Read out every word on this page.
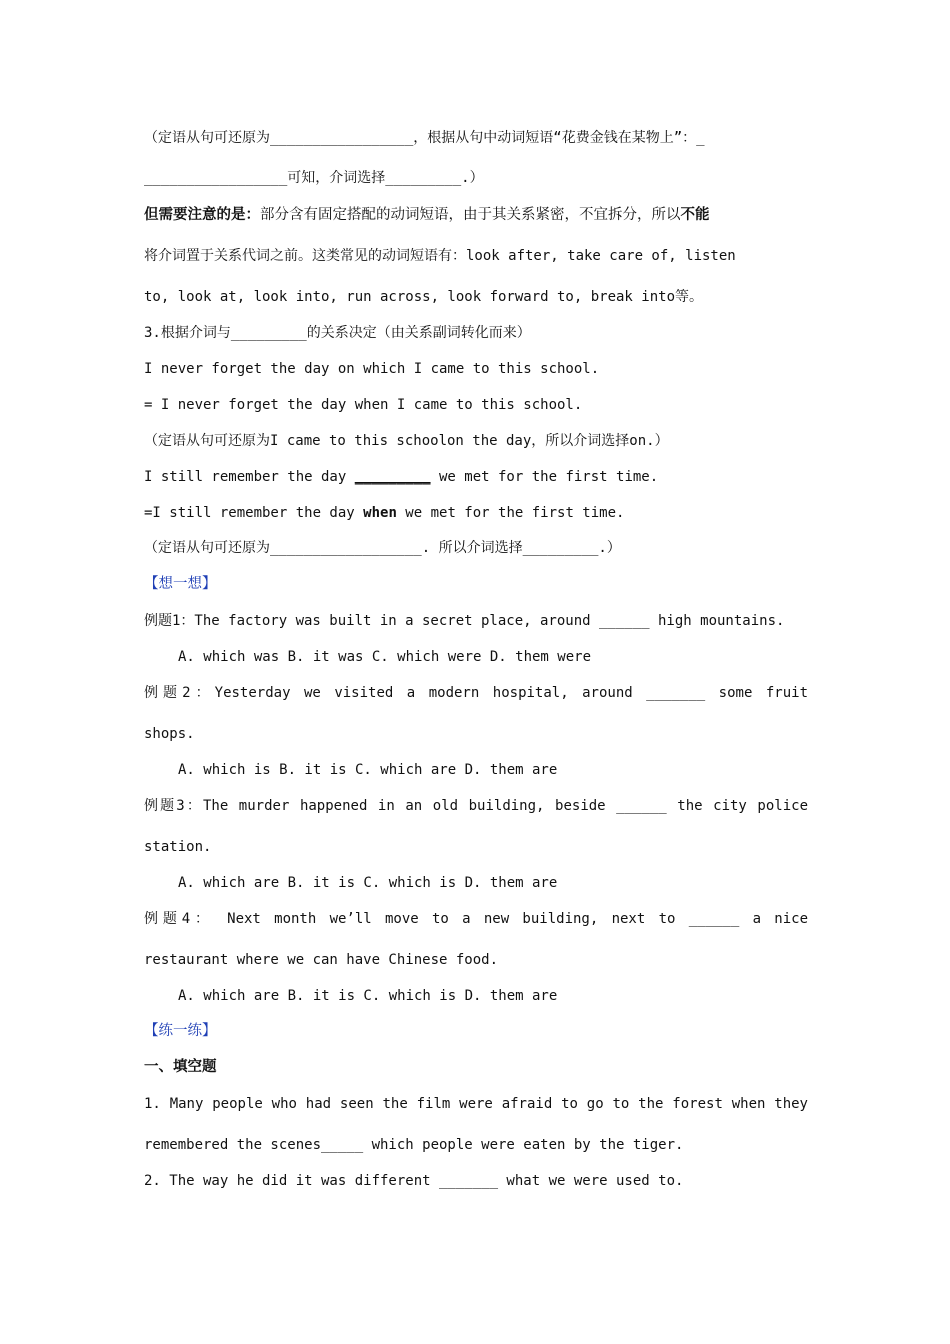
（定语从句可还原为_________________，根据从句中动词短语“花费金钱在某物上”：_
_________________可知，介词选择_________.）
但需要注意的是：部分含有固定搭配的动词短语，由于其关系紧密，不宜拆分，所以不能
将介词置于关系代词之前。这类常见的动词短语有：look after, take care of, listen
to, look at, look into, run across, look forward to, break into等。
3.根据介词与_________的关系决定（由关系副词转化而来）
I never forget the day on which I came to this school.
= I never forget the day when I came to this school.
（定语从句可还原为I came to this schoolon the day，所以介词选择on.）
I still remember the day _________ we met for the first time.
=I still remember the day when we met for the first time.
（定语从句可还原为__________________. 所以介词选择_________.）
【想一想】
例题1：The factory was built in a secret place, around ______ high mountains.
A. which was B. it was C. which were D. them were
例题2：Yesterday we visited a modern hospital, around _______ some fruit
shops.
A. which is B. it is C. which are D. them are
例题3：The murder happened in an old building, beside ______ the city police
station.
A. which are B. it is C. which is D. them are
例题4： Next month we’ll move to a new building, next to ______ a nice
restaurant where we can have Chinese food.
A. which are B. it is C. which is D. them are
【练一练】
一、填空题
1. Many people who had seen the film were afraid to go to the forest when they
remembered the scenes_____ which people were eaten by the tiger.
2. The way he did it was different _______ what we were used to.
